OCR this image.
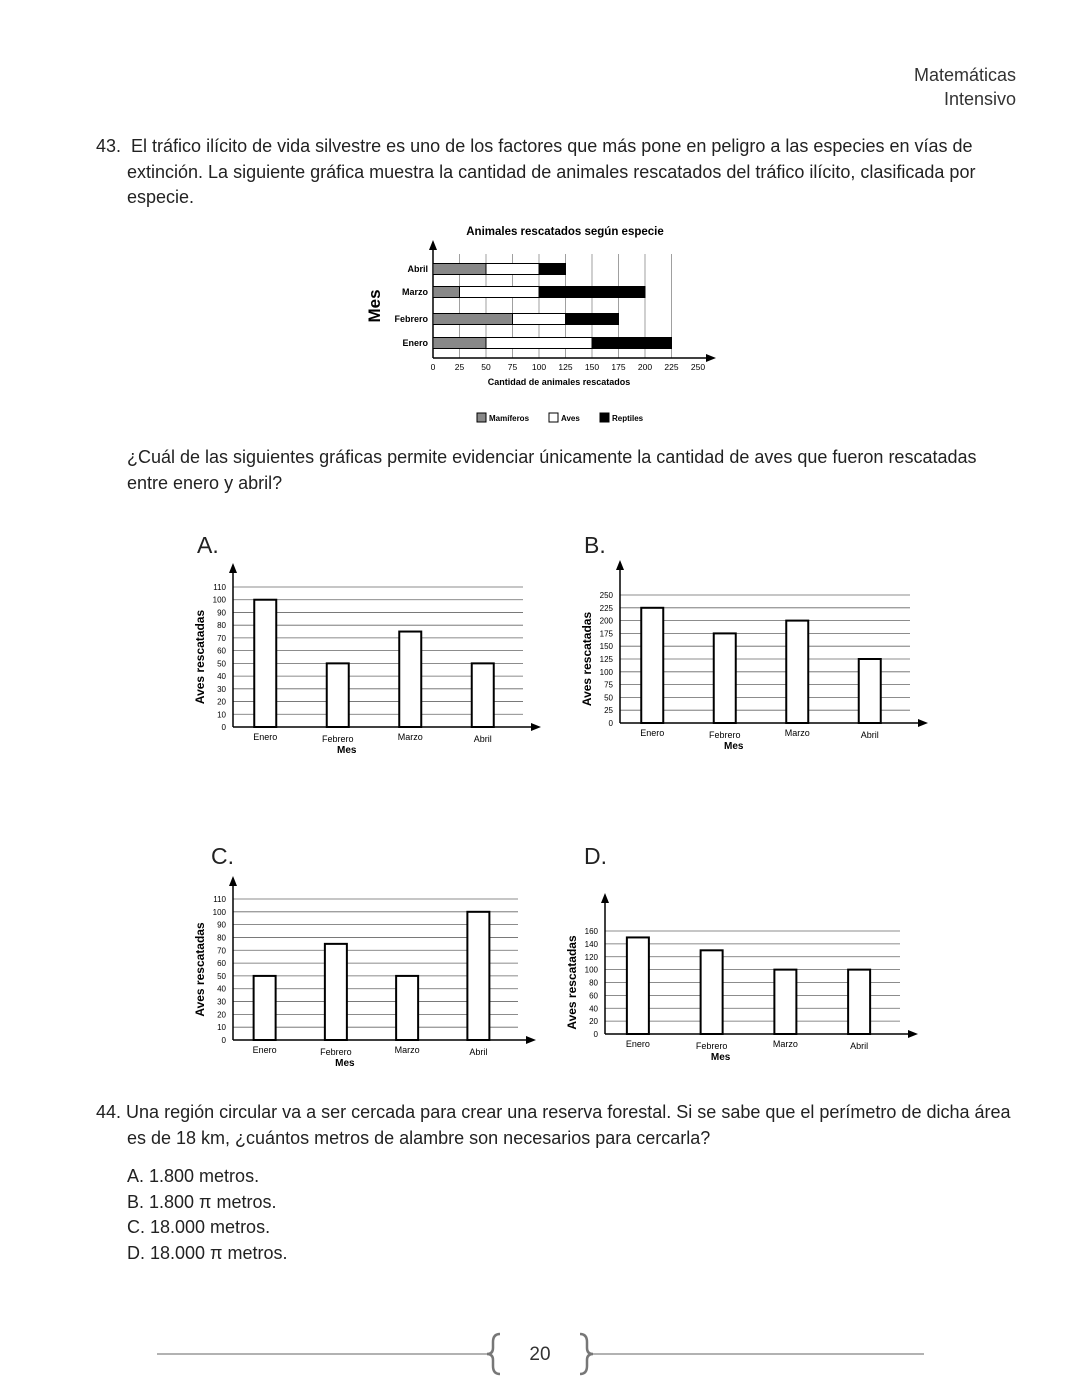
Matemáticas
Intensivo
43. El tráfico ilícito de vida silvestre es uno de los factores que más pone en peligro a las especies en vías de extinción. La siguiente gráfica muestra la cantidad de animales rescatados del tráfico ilícito, clasificada por especie.
Animales rescatados según especie
0 25 50 75 100 125 150 175 200 225 250
Enero
Febrero
Marzo
Abril
Mes
Cantidad de animales rescatados
Mamíferos	Aves	Reptiles
¿Cuál de las siguientes gráficas permite evidenciar únicamente la cantidad de aves que fueron rescatadas entre enero y abril?
A.	B.
C.	D.
0
10
20
30
40
50
60
70
80
90
100
110
Enero	Febrero	Marzo	Abril
Mes
Aves rescatadas
0
25
50
75
100
125
150
175
200
225
250
Enero	Febrero	Marzo	Abril
Mes
Aves rescatadas
0
10
20
30
40
50
60
70
80
90
100
110
Enero	Febrero	Marzo	Abril
Mes
Aves rescatadas
0
20
40
60
80
100
120
140
160
Enero	Febrero	Marzo	Abril
Mes
Aves rescatadas
44. Una región circular va a ser cercada para crear una reserva forestal. Si se sabe que el perímetro de dicha área es de 18 km, ¿cuántos metros de alambre son necesarios para cercarla?
A. 1.800 metros.
B. 1.800 π metros.
C. 18.000 metros.
D. 18.000 π metros.
20
